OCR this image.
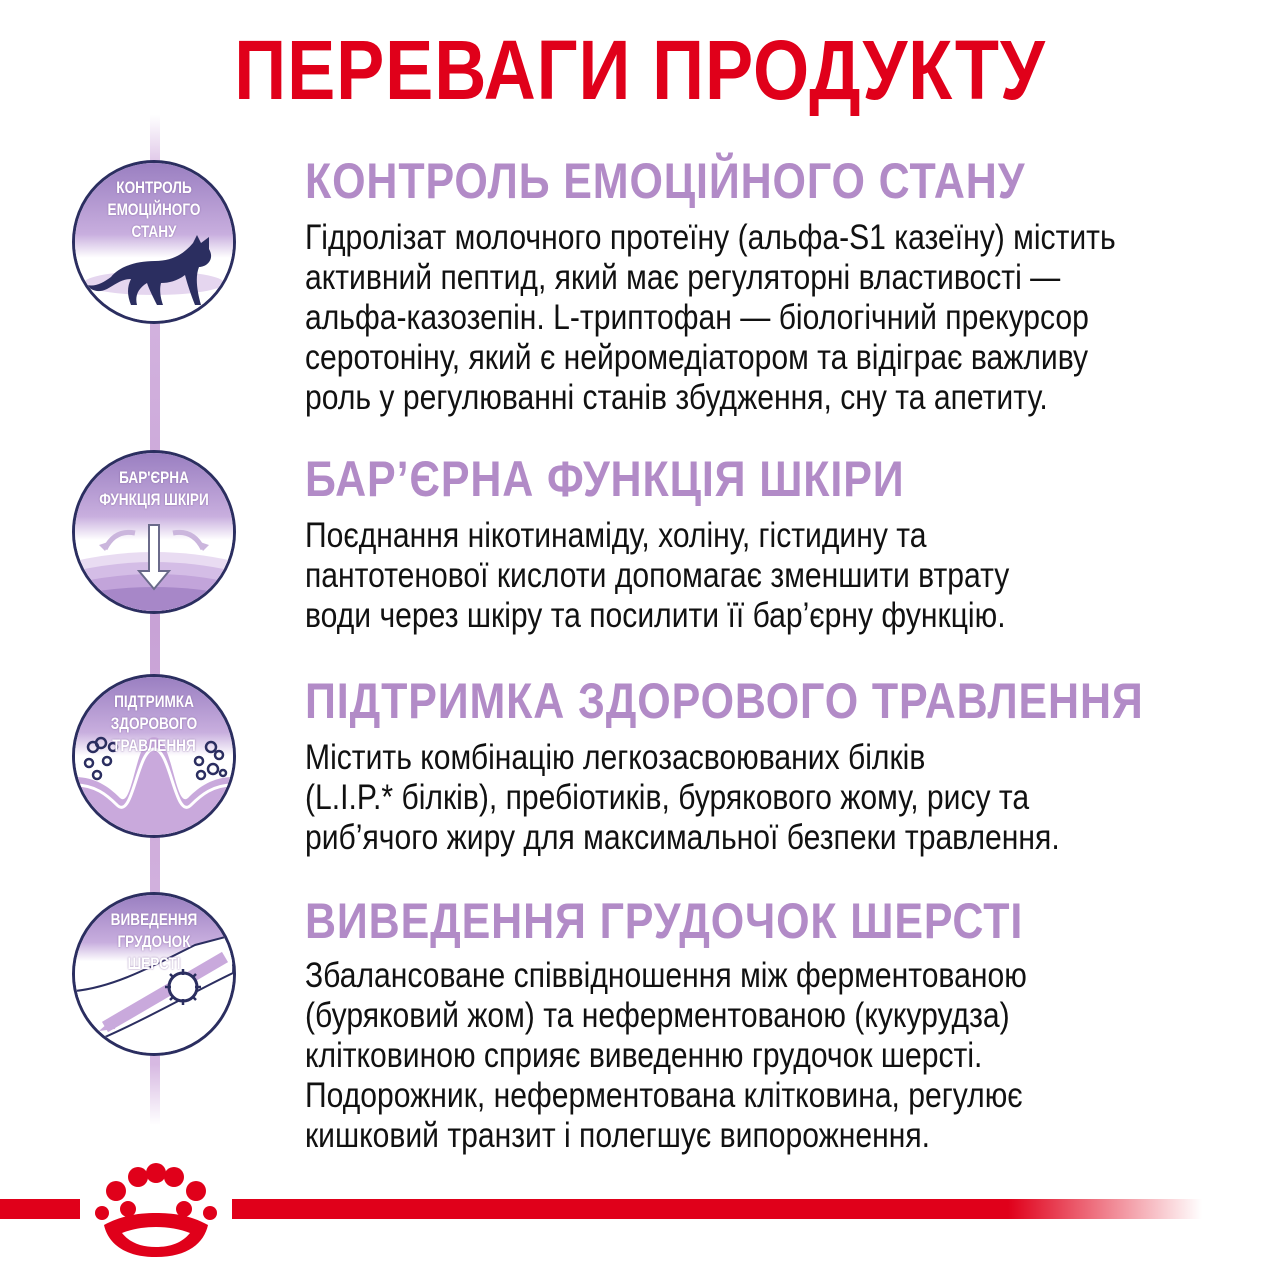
ПЕРЕВАГИ ПРОДУКТУ
КОНТРОЛЬ
ЕМОЦІЙНОГО СТАНУ
КОНТРОЛЬ ЕМОЦІЙНОГО СТАНУ

Гідролізат молочного протеїну (альфа-S1 казеїну) містить
активний пептид, який має регуляторні властивості —
альфа-казозепін. L-триптофан — біологічний прекурсор
серотоніну, який є нейромедіатором та відіграє важливу
роль у регулюванні станів збудження, сну та апетиту.

БАР'ЄРНА
ФУНКЦІЯ ШКІРИ БАР’ЄРНА ФУНКЦІЯ ШКІРИ

Поєднання нікотинаміду, холіну, гістидину та
пантотенової кислоти допомагає зменшити втрату
води через шкіру та посилити її бар’єрну функцію.

ПІДТРИМКА
ЗДОРОВОГО ТРАВЛЕННЯ
ПІДТРИМКА ЗДОРОВОГО ТРАВЛЕННЯ

Містить комбінацію легкозасвоюваних білків
(L.I.P.* білків), пребіотиків, бурякового жому, рису та
риб’ячого жиру для максимальної безпеки травлення.

ВИВЕДЕННЯ
ГРУДОЧОК ШЕРСТІ
ВИВЕДЕННЯ ГРУДОЧОК ШЕРСТІ

Збалансоване співвідношення між ферментованою
(буряковий жом) та неферментованою (кукурудза)
клітковиною сприяє виведенню грудочок шерсті.
Подорожник, неферментована клітковина, регулює
кишковий транзит і полегшує випорожнення.
